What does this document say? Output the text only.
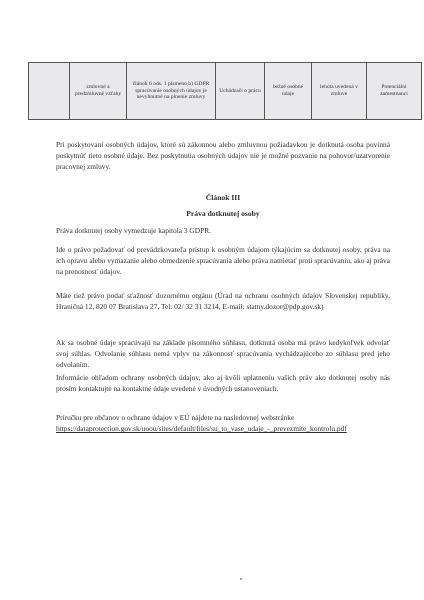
	zmluvné a predzmluvné vzťahy	článok 6 ods. 1 písmeno b) GDPR spracúvanie osobných údajov je nevyhnutné na plnenie zmluvy	Uchádzači o prácu	bežné osobné údaje	lehota uvedená v zmluve	Potenciálni zamestnanci

Pri poskytovaní osobných údajov, ktoré sú zákonnou alebo zmluvnou požiadavkou je dotknutá osoba povinná poskytnúť tieto osobné údaje. Bez poskytnutia osobných údajov nie je možné pozvanie na pohovor/uzatvorenie pracovnej zmluvy.

Článok III

Práva dotknutej osoby

Práva dotknutej osoby vymedzuje kapitola 3 GDPR.

Ide o právo požadovať od prevádzkovateľa prístup k osobným údajom týkajúcim sa dotknutej osoby, práva na ich opravu alebo vymazanie alebo obmedzenie spracúvania alebo práva namietať proti spracúvaniu, ako aj práva na prenosnosť údajov.

Máte tiež právo podať sťažnosť dozornému orgánu (Úrad na ochranu osobných údajov Slovenskej republiky, Hraničná 12, 820 07 Bratislava 27, Tel: 02/ 32 31 3214, E-mail: statny.dozor@pdp.gov.sk)

Ak sa osobné údaje spracúvajú na základe písomného súhlasu, dotknutá osoba má právo kedykoľvek odvolať svoj súhlas. Odvolanie súhlasu nemá vplyv na zákonnosť spracúvania vychádzajúceho zo súhlasu pred jeho odvolaním.

Informácie ohľadom ochrany osobných údajov, ako aj kvôli uplatneniu vašich práv ako dotknutej osoby nás prosím kontaktujte na kontaktné údaje uvedené v úvodných ustanoveniach.

Príručku pre občanov o ochrane údajov v EÚ nájdete na nasledovnej webstránke
https://dataprotection.gov.sk/uoou/sites/default/files/su_to_vase_udaje_-_prevezmite_kontrolu.pdf
